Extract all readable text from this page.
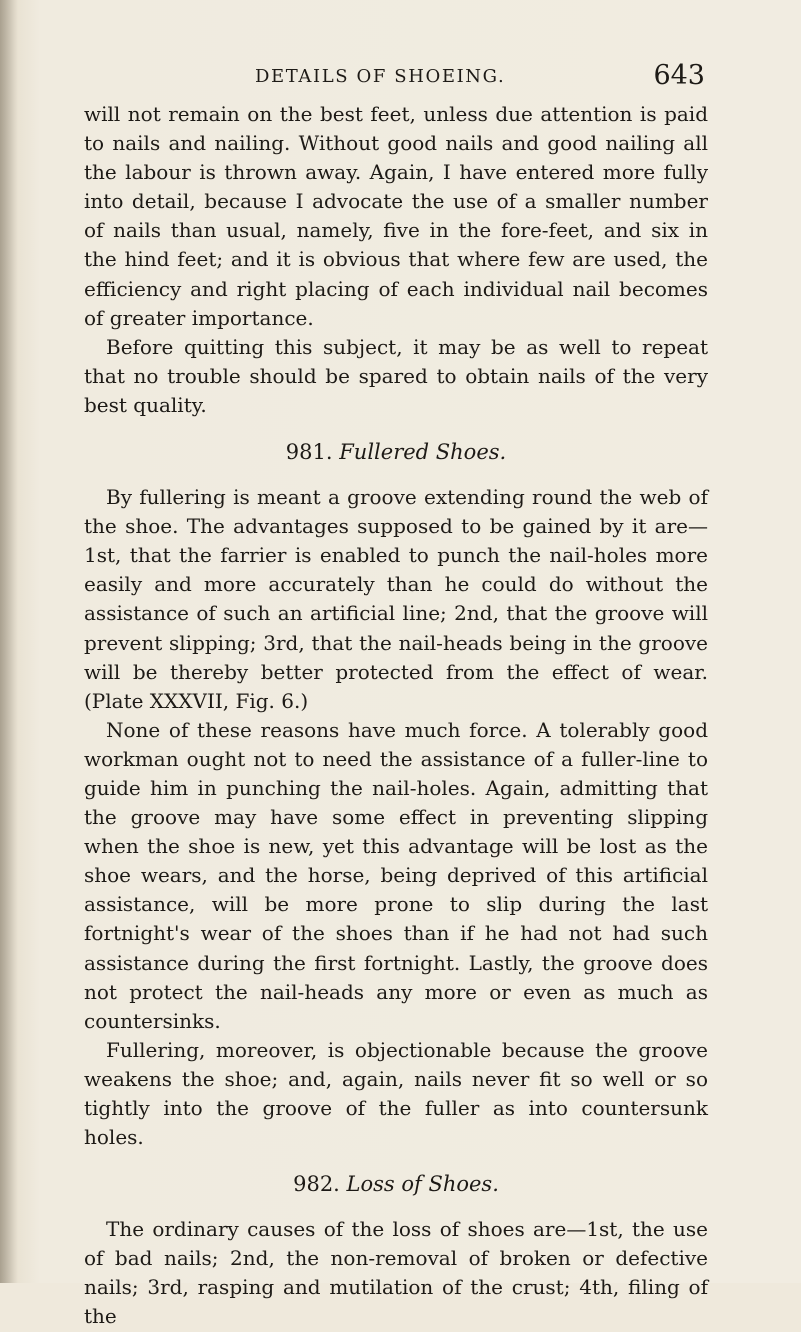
DETAILS OF SHOEING.	643

will not remain on the best feet, unless due attention is paid to nails and nailing. Without good nails and good nailing all the labour is thrown away. Again, I have entered more fully into detail, because I advocate the use of a smaller number of nails than usual, namely, five in the fore-feet, and six in the hind feet; and it is obvious that where few are used, the efficiency and right placing of each individual nail becomes of greater importance.

Before quitting this subject, it may be as well to repeat that no trouble should be spared to obtain nails of the very best quality.

981. Fullered Shoes.

By fullering is meant a groove extending round the web of the shoe. The advantages supposed to be gained by it are—1st, that the farrier is enabled to punch the nail-holes more easily and more accurately than he could do without the assistance of such an artificial line; 2nd, that the groove will prevent slipping; 3rd, that the nail-heads being in the groove will be thereby better protected from the effect of wear. (Plate XXXVII, Fig. 6.)

None of these reasons have much force. A tolerably good workman ought not to need the assistance of a fuller-line to guide him in punching the nail-holes. Again, admitting that the groove may have some effect in preventing slipping when the shoe is new, yet this advantage will be lost as the shoe wears, and the horse, being deprived of this artificial assistance, will be more prone to slip during the last fortnight's wear of the shoes than if he had not had such assistance during the first fortnight. Lastly, the groove does not protect the nail-heads any more or even as much as countersinks.

Fullering, moreover, is objectionable because the groove weakens the shoe; and, again, nails never fit so well or so tightly into the groove of the fuller as into countersunk holes.

982. Loss of Shoes.

The ordinary causes of the loss of shoes are—1st, the use of bad nails; 2nd, the non-removal of broken or defective nails; 3rd, rasping and mutilation of the crust; 4th, filing of the
